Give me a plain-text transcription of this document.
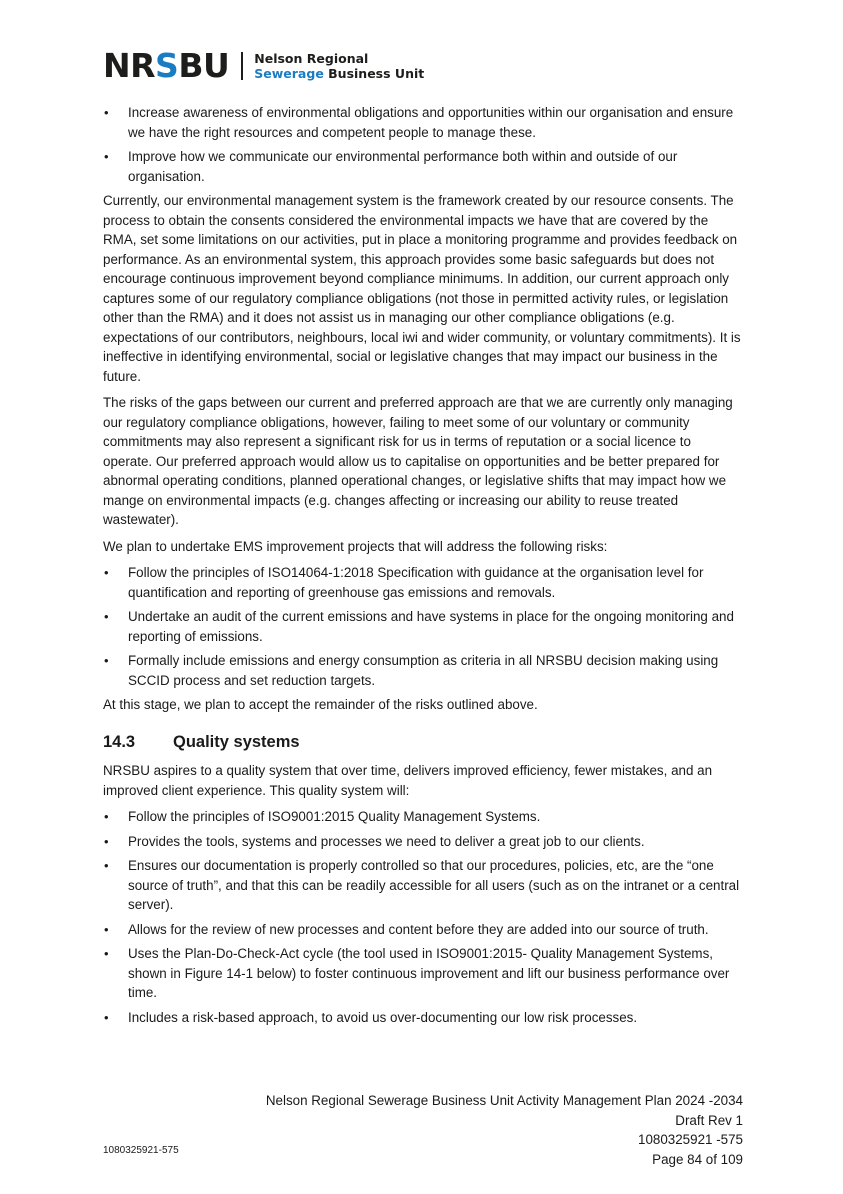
NRSBU Nelson Regional
Sewerage Business Unit
• Increase awareness of environmental obligations and opportunities within our organisation and ensure we have the right resources and competent people to manage these.
• Improve how we communicate our environmental performance both within and outside of our organisation.

Currently, our environmental management system is the framework created by our resource consents. The process to obtain the consents considered the environmental impacts we have that are covered by the RMA, set some limitations on our activities, put in place a monitoring programme and provides feedback on performance. As an environmental system, this approach provides some basic safeguards but does not encourage continuous improvement beyond compliance minimums. In addition, our current approach only captures some of our regulatory compliance obligations (not those in permitted activity rules, or legislation other than the RMA) and it does not assist us in managing our other compliance obligations (e.g. expectations of our contributors, neighbours, local iwi and wider community, or voluntary commitments). It is ineffective in identifying environmental, social or legislative changes that may impact our business in the future.

The risks of the gaps between our current and preferred approach are that we are currently only managing our regulatory compliance obligations, however, failing to meet some of our voluntary or community commitments may also represent a significant risk for us in terms of reputation or a social licence to operate. Our preferred approach would allow us to capitalise on opportunities and be better prepared for abnormal operating conditions, planned operational changes, or legislative shifts that may impact how we mange on environmental impacts (e.g. changes affecting or increasing our ability to reuse treated wastewater).

We plan to undertake EMS improvement projects that will address the following risks:

• Follow the principles of ISO14064-1:2018 Specification with guidance at the organisation level for quantification and reporting of greenhouse gas emissions and removals.
• Undertake an audit of the current emissions and have systems in place for the ongoing monitoring and reporting of emissions.
• Formally include emissions and energy consumption as criteria in all NRSBU decision making using SCCID process and set reduction targets.

At this stage, we plan to accept the remainder of the risks outlined above.

14.3	Quality systems

NRSBU aspires to a quality system that over time, delivers improved efficiency, fewer mistakes, and an improved client experience. This quality system will:

• Follow the principles of ISO9001:2015 Quality Management Systems.
• Provides the tools, systems and processes we need to deliver a great job to our clients.
• Ensures our documentation is properly controlled so that our procedures, policies, etc, are the “one source of truth”, and that this can be readily accessible for all users (such as on the intranet or a central server).
• Allows for the review of new processes and content before they are added into our source of truth.
• Uses the Plan-Do-Check-Act cycle (the tool used in ISO9001:2015- Quality Management Systems, shown in Figure 14-1 below) to foster continuous improvement and lift our business performance over time.
• Includes a risk-based approach, to avoid us over-documenting our low risk processes.
Nelson Regional Sewerage Business Unit Activity Management Plan 2024 -2034
Draft Rev 1
1080325921 -575
Page 84 of 109
1080325921-575
